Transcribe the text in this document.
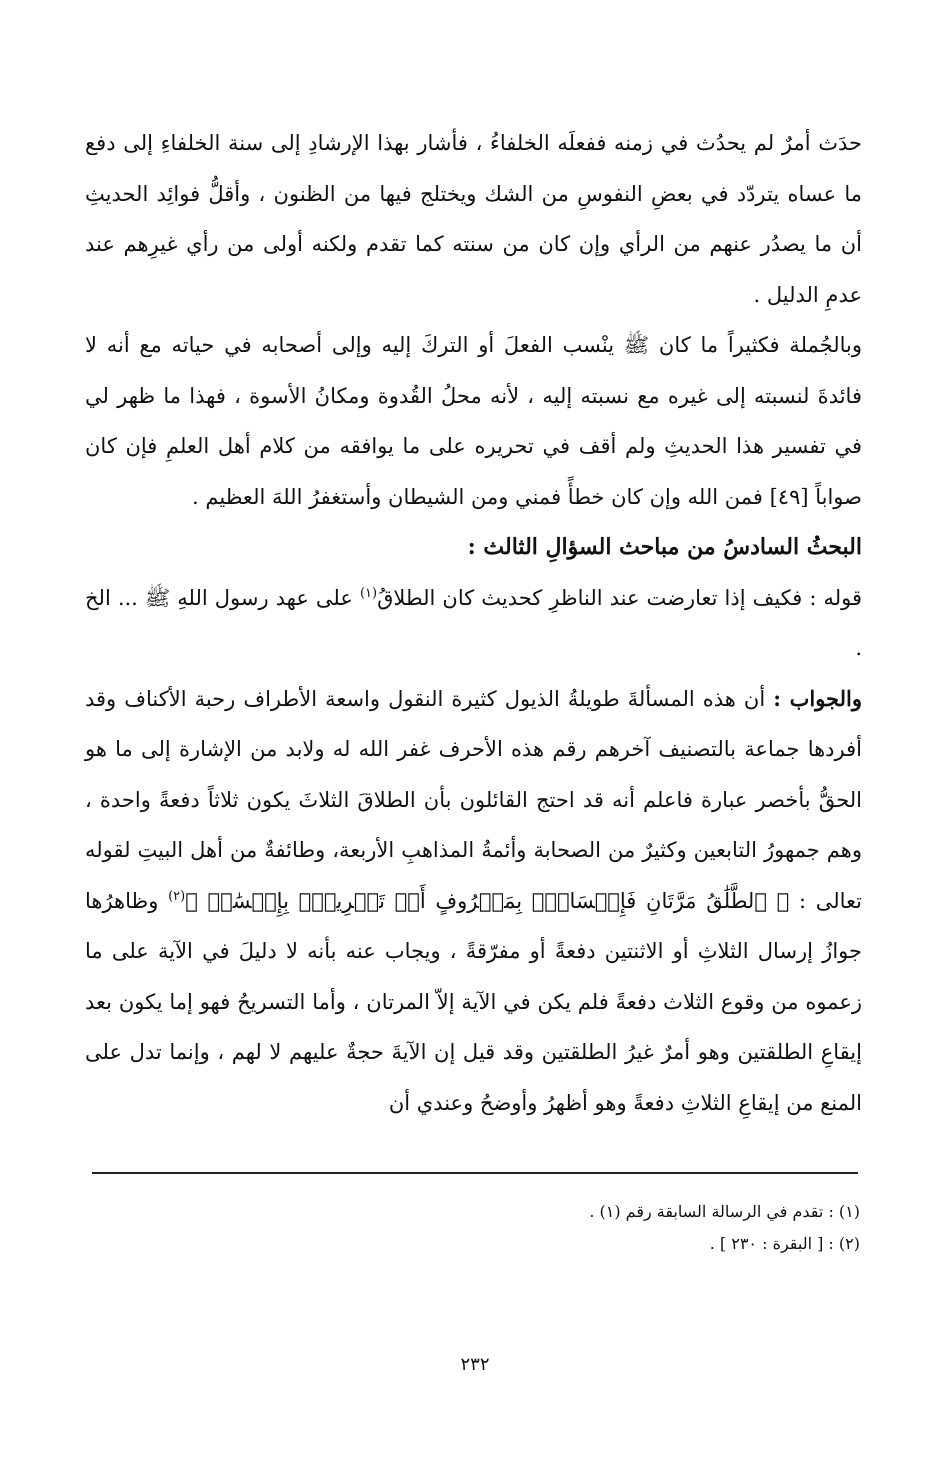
حدَث أمرٌ لم يحدُث في زمنه ففعلَه الخلفاءُ ، فأشار بهذا الإرشادِ إلى سنة الخلفاءِ إلى دفع ما عساه يتردّد في بعضِ النفوسِ من الشك ويختلج فيها من الظنون ، وأقلُّ فوائِد الحديثِ أن ما يصدُر عنهم من الرأي وإن كان من سنته كما تقدم ولكنه أولى من رأي غيرِهم عند عدمِ الدليل .

وبالجُملة فكثيراً ما كان ﷺ ينْسب الفعلَ أو التركَ إليه وإلى أصحابه في حياته مع أنه لا فائدةَ لنسبته إلى غيره مع نسبته إليه ، لأنه محلُ القُدوة ومكانُ الأسوة ، فهذا ما ظهر لي في تفسير هذا الحديثِ ولم أقف في تحريره على ما يوافقه من كلام أهل العلمِ فإن كان صواباً [٤٩] فمن الله وإن كان خطأً فمني ومن الشيطان وأستغفرُ اللهَ العظيم .

البحثُ السادسُ من مباحث السؤالِ الثالث :

قوله : فكيف إذا تعارضت عند الناظرِ كحديث كان الطلاقُ$^{(١)}$ على عهد رسول اللهِ ﷺ ... الخ .

والجواب : أن هذه المسألةَ طويلةُ الذيول كثيرة النقول واسعة الأطراف رحبة الأكناف وقد أفردها جماعة بالتصنيف آخرهم رقم هذه الأحرف غفر الله له ولابد من الإشارة إلى ما هو الحقُّ بأخصر عبارة فاعلم أنه قد احتج القائلون بأن الطلاقَ الثلاثَ يكون ثلاثاً دفعةً واحدة ، وهم جمهورُ التابعين وكثيرٌ من الصحابة وأئمةُ المذاهبِ الأربعة، وطائفةٌ من أهل البيتِ لقوله تعالى : ﴿ ٱلطَّلَٰقُ مَرَّتَانِ فَإِمۡسَاكُۢ بِمَعۡرُوفٍ أَوۡ تَسۡرِيحُۢ بِإِحۡسَٰنٖ ﴾$^{(٢)}$ وظاهرُها جوازُ إرسال الثلاثِ أو الاثنتين دفعةً أو مفرّقةً ، ويجاب عنه بأنه لا دليلَ في الآية على ما زعموه من وقوع الثلاث دفعةً فلم يكن في الآية إلاّ المرتان ، وأما التسريحُ فهو إما يكون بعد إيقاعِ الطلقتين وهو أمرٌ غيرُ الطلقتين وقد قيل إن الآيةَ حجةٌ عليهم لا لهم ، وإنما تدل على المنع من إيقاعِ الثلاثِ دفعةً وهو أظهرُ وأوضحُ وعندي أن

(١) : تقدم في الرسالة السابقة رقم (١) .

(٢) : [ البقرة : ٢٣٠ ] .

٢٣٢
